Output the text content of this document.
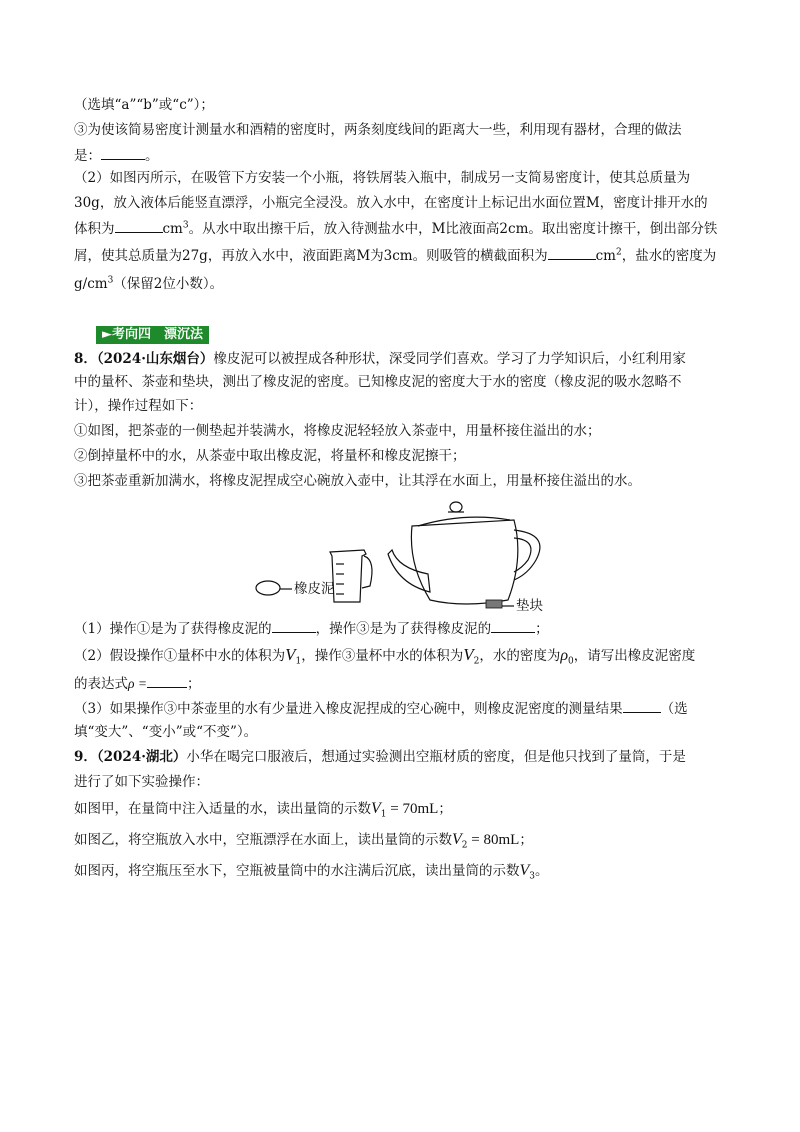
（选填“a”“b”或“c”）；
③为使该简易密度计测量水和酒精的密度时，两条刻度线间的距离大一些，利用现有器材，合理的做法
是：	。
（2）如图丙所示，在吸管下方安装一个小瓶，将铁屑装入瓶中，制成另一支简易密度计，使其总质量为
30g，放入液体后能竖直漂浮，小瓶完全浸没。放入水中，在密度计上标记出水面位置M，密度计排开水的
体积为	$cm^3$。从水中取出擦干后，放入待测盐水中，M比液面高2cm。取出密度计擦干，倒出部分铁
屑，使其总质量为27g，再放入水中，液面距离M为3cm。则吸管的横截面积为	$cm^2$，盐水的密度为
$g/cm^3$（保留2位小数）。
►考向四　漂沉法
8．（2024·山东烟台）橡皮泥可以被捏成各种形状，深受同学们喜欢。学习了力学知识后，小红利用家
中的量杯、茶壶和垫块，测出了橡皮泥的密度。已知橡皮泥的密度大于水的密度（橡皮泥的吸水忽略不
计），操作过程如下：
①如图，把茶壶的一侧垫起并装满水，将橡皮泥轻轻放入茶壶中，用量杯接住溢出的水；
②倒掉量杯中的水，从茶壶中取出橡皮泥，将量杯和橡皮泥擦干；
③把茶壶重新加满水，将橡皮泥捏成空心碗放入壶中，让其浮在水面上，用量杯接住溢出的水。
橡皮泥
垫块
（1）操作①是为了获得橡皮泥的	，操作③是为了获得橡皮泥的	；
（2）假设操作①量杯中水的体积为$V_1$，操作③量杯中水的体积为$V_2$，水的密度为$\rho_0$，请写出橡皮泥密度
的表达式ρ =	；
（3）如果操作③中茶壶里的水有少量进入橡皮泥捏成的空心碗中，则橡皮泥密度的测量结果	（选
填“变大”、“变小”或“不变”）。
9．（2024·湖北）小华在喝完口服液后，想通过实验测出空瓶材质的密度，但是他只找到了量筒，于是
进行了如下实验操作：
如图甲，在量筒中注入适量的水，读出量筒的示数$V_1 = 70mL$；
如图乙，将空瓶放入水中，空瓶漂浮在水面上，读出量筒的示数$V_2 = 80mL$；
如图丙，将空瓶压至水下，空瓶被量筒中的水注满后沉底，读出量筒的示数$V_3$。
